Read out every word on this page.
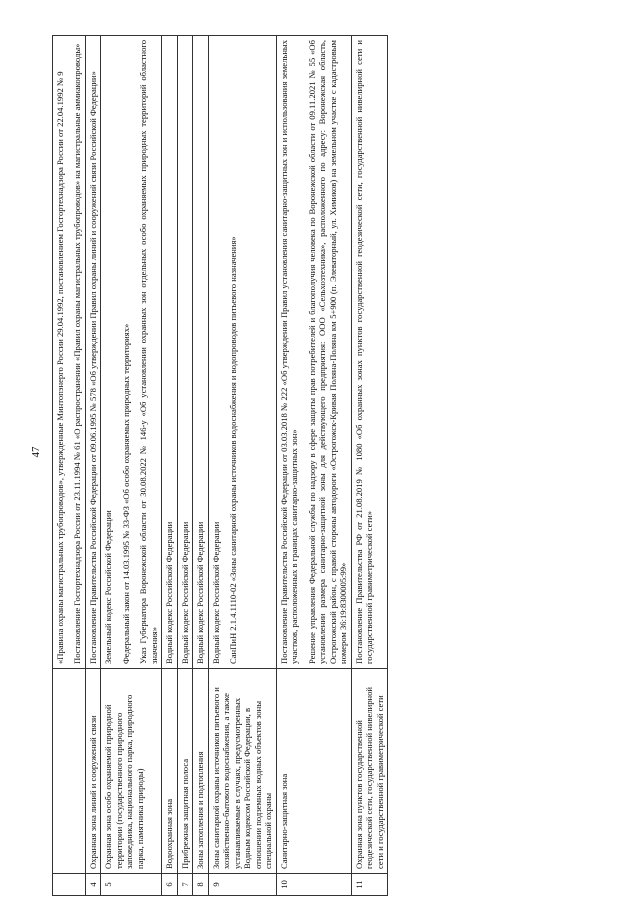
47

		«Правила охраны магистральных трубопроводов», утвержденные Минтопэнерго России 29.04.1992, постановлением Госгортехнадзора России от 22.04.1992 № 9 Постановление Госгортехнадзора России от 23.11.1994 № 61 «О распространении «Правил охраны магистральных трубопроводов» на магистральные аммиакопроводы»

4	Охранная зона линий и сооружений связи	Постановление Правительства Российской Федерации от 09.06.1995 № 578 «Об утверждении Правил охраны линий и сооружений связи Российской Федерации»

5	Охранная зона особо охраняемой природной территории (государственного природного заповедника, национального парка, природного парка, памятника природы)	Земельный кодекс Российской Федерации Федеральный закон от 14.03.1995 № 33-ФЗ «Об особо охраняемых природных территориях» Указ Губернатора Воронежской области от 30.08.2022 № 146-у «Об установлении охранных зон отдельных особо охраняемых природных территорий областного значения»

6	Водоохранная зона	Водный кодекс Российской Федерации

7	Прибрежная защитная полоса	Водный кодекс Российской Федерации

8	Зоны затопления и подтопления	Водный кодекс Российской Федерации

9	Зоны санитарной охраны источников питьевого и хозяйственно-бытового водоснабжения, а также устанавливаемые в случаях, предусмотренных Водным кодексом Российской Федерации, в отношении подземных водных объектов зоны специальной охраны	Водный кодекс Российской Федерации СанПиН 2.1.4.1110-02 «Зоны санитарной охраны источников водоснабжения и водопроводов питьевого назначения»

10	Санитарно-защитная зона	Постановление Правительства Российской Федерации от 03.03.2018 № 222 «Об утверждении Правил установления санитарно-защитных зон и использования земельных участков, расположенных в границах санитарно-защитных зон» Решение управления Федеральной службы по надзору в сфере защиты прав потребителей и благополучия человека по Воронежской области от 09.11.2021 № 55 «Об установлении размера санитарно-защитной зоны для действующего предприятия: ООО «Сельхозтехника», расположенного по адресу: Воронежская область, Острогожский район, с правой стороны автодороги «Острогожск-Кривая Поляна-Поляна км 5+900 (п. Элеваторный, ул. Химиков) на земельном участке с кадастровым номером 36:19:8300005:99»

11	Охранная зона пунктов государственной геодезической сети, государственной нивелирной сети и государственной гравиметрической сети	Постановление Правительства РФ от 21.08.2019 № 1080 «Об охранных зонах пунктов государственной геодезической сети, государственной нивелирной сети и государственной гравиметрической сети»
